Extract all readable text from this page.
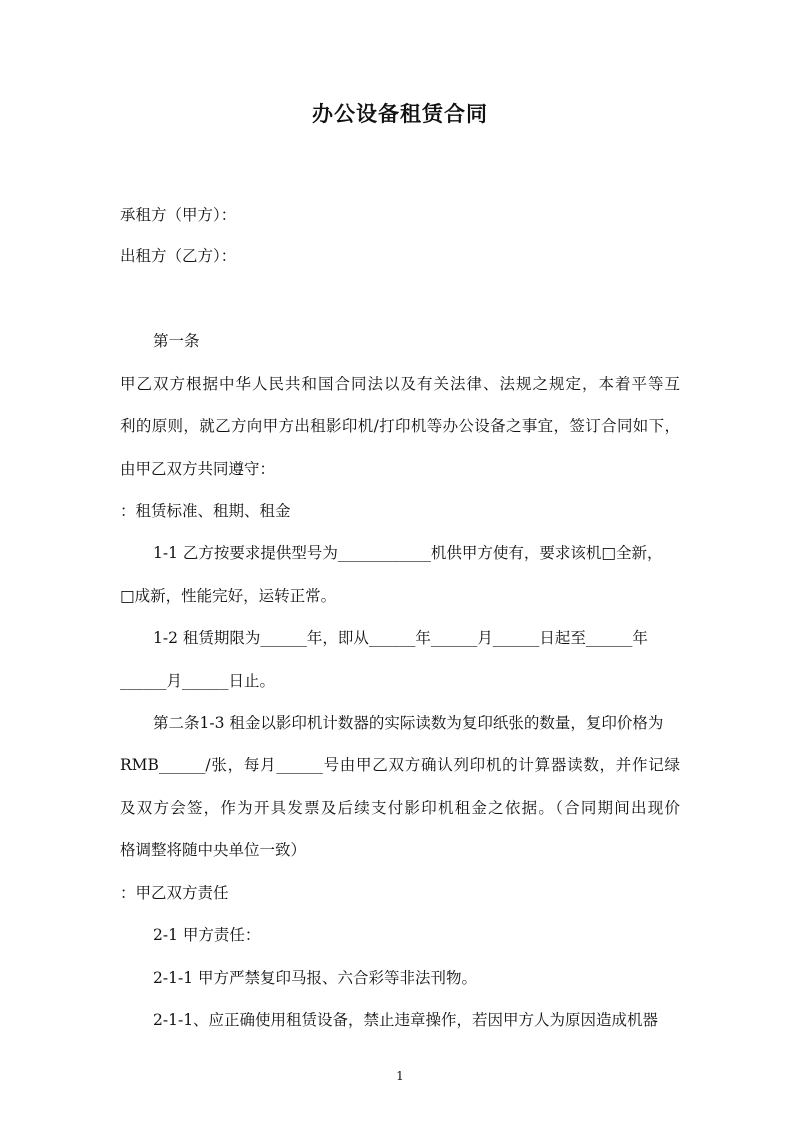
办公设备租赁合同
承租方（甲方）：
出租方（乙方）：
第一条
甲乙双方根据中华人民共和国合同法以及有关法律、法规之规定，本着平等互
利的原则，就乙方向甲方出租影印机/打印机等办公设备之事宜，签订合同如下，
由甲乙双方共同遵守：
：租赁标准、租期、租金
1-1 乙方按要求提供型号为____________机供甲方使有，要求该机□全新，
□成新，性能完好，运转正常。
1-2 租赁期限为______年，即从______年______月______日起至______年
______月______日止。
第二条1-3 租金以影印机计数器的实际读数为复印纸张的数量，复印价格为
RMB______/张，每月______号由甲乙双方确认列印机的计算器读数，并作记绿
及双方会签，作为开具发票及后续支付影印机租金之依据。（合同期间出现价
格调整将随中央单位一致）
：甲乙双方责任
2-1 甲方责任：
2-1-1 甲方严禁复印马报、六合彩等非法刊物。
2-1-1、应正确使用租赁设备，禁止违章操作，若因甲方人为原因造成机器
1
